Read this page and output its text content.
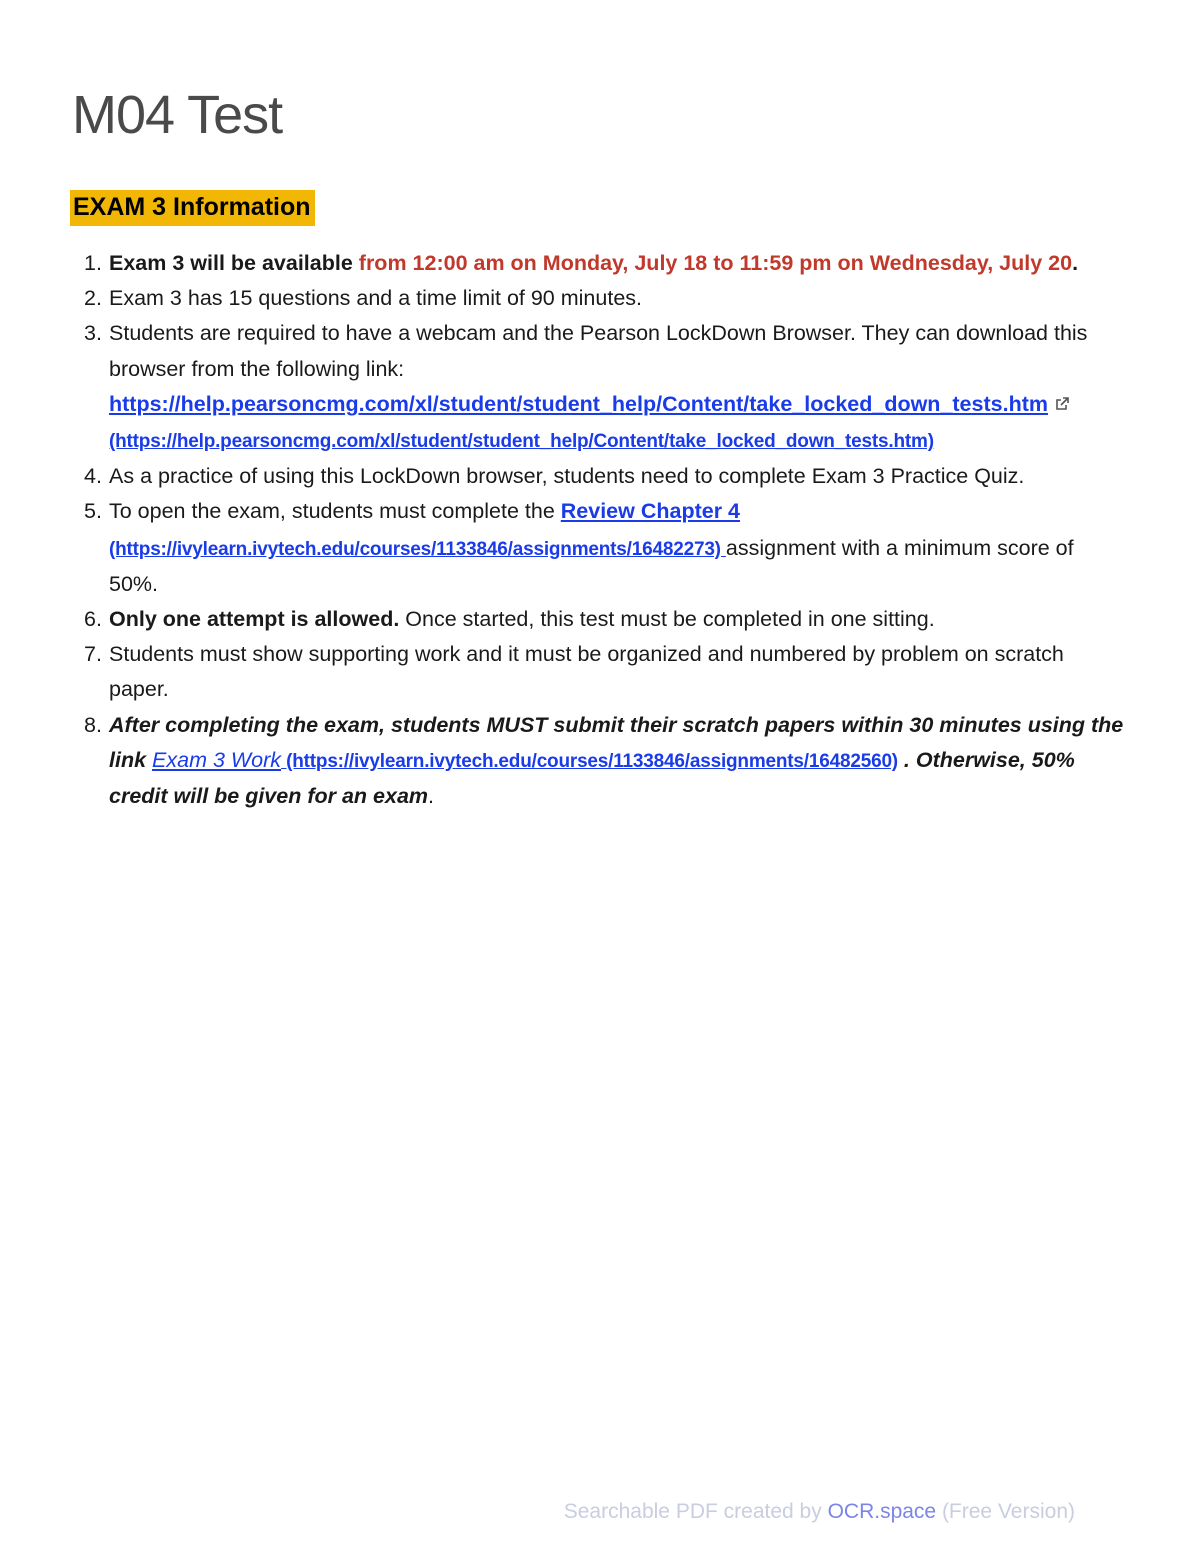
M04 Test
EXAM 3 Information
1. Exam 3 will be available from 12:00 am on Monday, July 18 to 11:59 pm on Wednesday, July 20.
2. Exam 3 has 15 questions and a time limit of 90 minutes.
3. Students are required to have a webcam and the Pearson LockDown Browser. They can download this browser from the following link: https://help.pearsoncmg.com/xl/student/student_help/Content/take_locked_down_tests.htm  (https://help.pearsoncmg.com/xl/student/student_help/Content/take_locked_down_tests.htm)
4. As a practice of using this LockDown browser, students need to complete Exam 3 Practice Quiz.
5. To open the exam, students must complete the Review Chapter 4 (https://ivylearn.ivytech.edu/courses/1133846/assignments/16482273) assignment with a minimum score of 50%.
6. Only one attempt is allowed. Once started, this test must be completed in one sitting.
7. Students must show supporting work and it must be organized and numbered by problem on scratch paper.
8. After completing the exam, students MUST submit their scratch papers within 30 minutes using the link Exam 3 Work (https://ivylearn.ivytech.edu/courses/1133846/assignments/16482560) . Otherwise, 50% credit will be given for an exam.
Searchable PDF created by OCR.space (Free Version)
